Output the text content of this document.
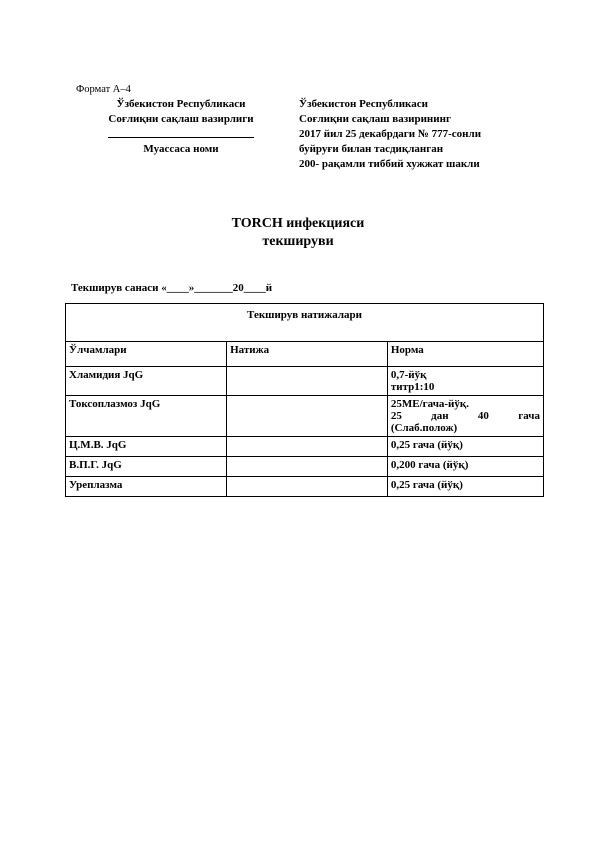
Формат А–4
Ўзбекистон Республикаси
Соғлиқни сақлаш вазирлиги
Муассаса номи
Ўзбекистон Республикаси
Соғлиқни сақлаш вазирининг
2017 йил 25 декабрдаги № 777-сонли
буйруғи билан тасдиқланган
200- рақамли тиббий хужжат шакли
TORCH инфекцияси
текшируви
Текширув санаси «____»_______20____й
Текширув натижалари		
Ўлчамлари	Натижа	Норма
Хламидия JqG		0,7-йўқ
титр1:10

Токсоплазмоз JqG		25МЕ/гача-йўқ.
25 дан 40 гача
(Слаб.полож)

Ц.М.В. JqG		0,25 гача (йўқ)

В.П.Г. JqG		0,200 гача (йўқ)

Уреплазма		0,25 гача (йўқ)
